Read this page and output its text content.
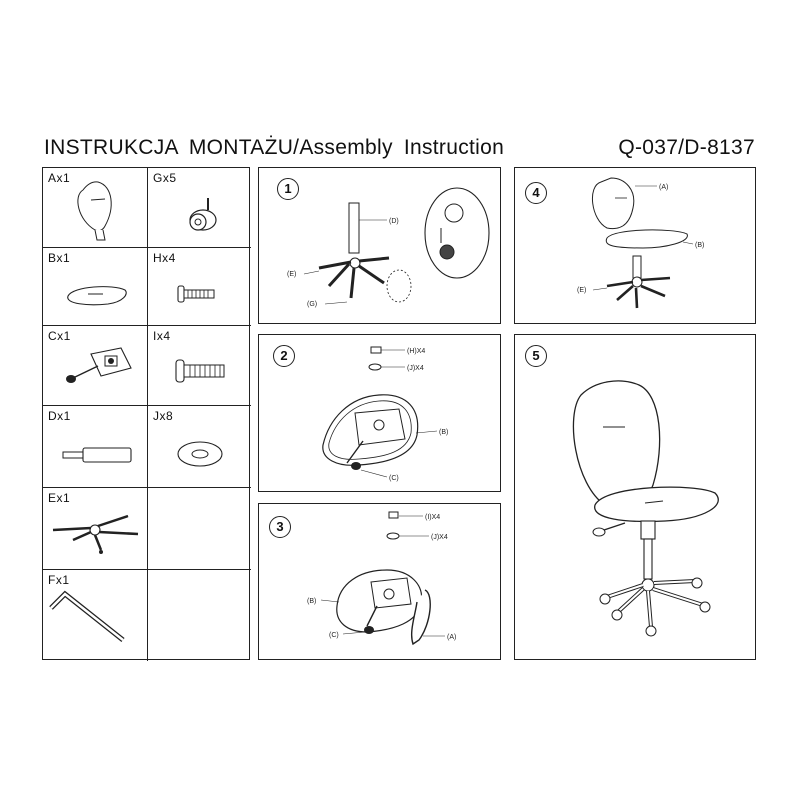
INSTRUKCJA MONTAŻU/Assembly Instruction	Q-037/D-8137
Ax1	Gx5
Bx1	Hx4
Cx1	Ix4
Dx1	Jx8
Ex1
Fx1
1
(D)
(E)
(G)
4	(A)
(B)
(E)
2	(H)X4
(J)X4
(B)
(C)
3
(I)X4
(J)X4
(B)
(C)	(A)
5
